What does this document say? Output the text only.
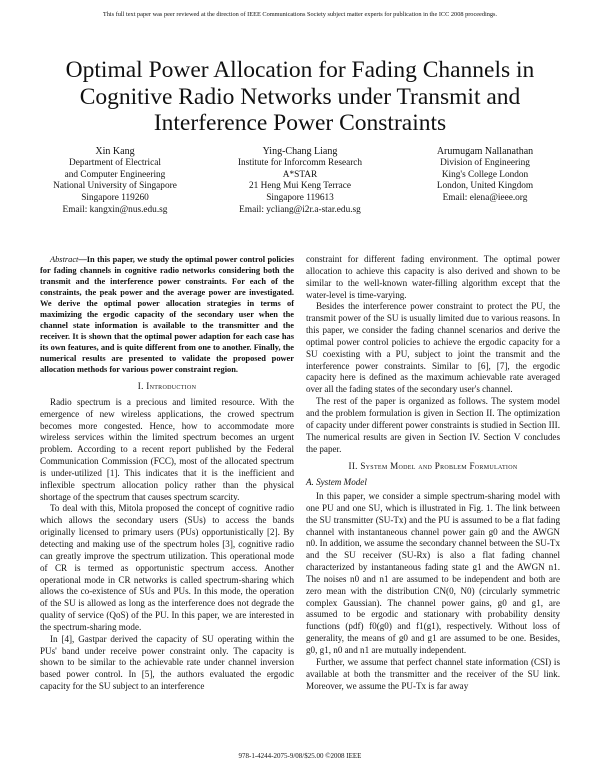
This full text paper was peer reviewed at the direction of IEEE Communications Society subject matter experts for publication in the ICC 2008 proceedings.
Optimal Power Allocation for Fading Channels in Cognitive Radio Networks under Transmit and Interference Power Constraints
Xin Kang
Department of Electrical
and Computer Engineering
National University of Singapore
Singapore 119260
Email: kangxin@nus.edu.sg
Ying-Chang Liang
Institute for Inforcomm Research
A*STAR
21 Heng Mui Keng Terrace
Singapore 119613
Email: ycliang@i2r.a-star.edu.sg
Arumugam Nallanathan
Division of Engineering
King's College London
London, United Kingdom
Email: elena@ieee.org

Abstract—In this paper, we study the optimal power control policies for fading channels in cognitive radio networks considering both the transmit and the interference power constraints. For each of the constraints, the peak power and the average power are investigated. We derive the optimal power allocation strategies in terms of maximizing the ergodic capacity of the secondary user when the channel state information is available to the transmitter and the receiver. It is shown that the optimal power adaption for each case has its own features, and is quite different from one to another. Finally, the numerical results are presented to validate the proposed power allocation methods for various power constraint region.

I. Introduction

Radio spectrum is a precious and limited resource. With the emergence of new wireless applications, the crowed spectrum becomes more congested. Hence, how to accommodate more wireless services within the limited spectrum becomes an urgent problem. According to a recent report published by the Federal Communication Commission (FCC), most of the allocated spectrum is under-utilized [1]. This indicates that it is the inefficient and inflexible spectrum allocation policy rather than the physical shortage of the spectrum that causes spectrum scarcity.

To deal with this, Mitola proposed the concept of cognitive radio which allows the secondary users (SUs) to access the bands originally licensed to primary users (PUs) opportunistically [2]. By detecting and making use of the spectrum holes [3], cognitive radio can greatly improve the spectrum utilization. This operational mode of CR is termed as opportunistic spectrum access. Another operational mode in CR networks is called spectrum-sharing which allows the co-existence of SUs and PUs. In this mode, the operation of the SU is allowed as long as the interference does not degrade the quality of service (QoS) of the PU. In this paper, we are interested in the spectrum-sharing mode.

In [4], Gastpar derived the capacity of SU operating within the PUs' band under receive power constraint only. The capacity is shown to be similar to the achievable rate under channel inversion based power control. In [5], the authors evaluated the ergodic capacity for the SU subject to an interference

constraint for different fading environment. The optimal power allocation to achieve this capacity is also derived and shown to be similar to the well-known water-filling algorithm except that the water-level is time-varying.

Besides the interference power constraint to protect the PU, the transmit power of the SU is usually limited due to various reasons. In this paper, we consider the fading channel scenarios and derive the optimal power control policies to achieve the ergodic capacity for a SU coexisting with a PU, subject to joint the transmit and the interference power constraints. Similar to [6], [7], the ergodic capacity here is defined as the maximum achievable rate averaged over all the fading states of the secondary user's channel.

The rest of the paper is organized as follows. The system model and the problem formulation is given in Section II. The optimization of capacity under different power constraints is studied in Section III. The numerical results are given in Section IV. Section V concludes the paper.

II. System Model and Problem Formulation
A. System Model

In this paper, we consider a simple spectrum-sharing model with one PU and one SU, which is illustrated in Fig. 1. The link between the SU transmitter (SU-Tx) and the PU is assumed to be a flat fading channel with instantaneous channel power gain g0 and the AWGN n0. In addition, we assume the secondary channel between the SU-Tx and the SU receiver (SU-Rx) is also a flat fading channel characterized by instantaneous fading state g1 and the AWGN n1. The noises n0 and n1 are assumed to be independent and both are zero mean with the distribution CN(0, N0) (circularly symmetric complex Gaussian). The channel power gains, g0 and g1, are assumed to be ergodic and stationary with probability density functions (pdf) f0(g0) and f1(g1), respectively. Without loss of generality, the means of g0 and g1 are assumed to be one. Besides, g0, g1, n0 and n1 are mutually independent.

Further, we assume that perfect channel state information (CSI) is available at both the transmitter and the receiver of the SU link. Moreover, we assume the PU-Tx is far away

978-1-4244-2075-9/08/$25.00 ©2008 IEEE
